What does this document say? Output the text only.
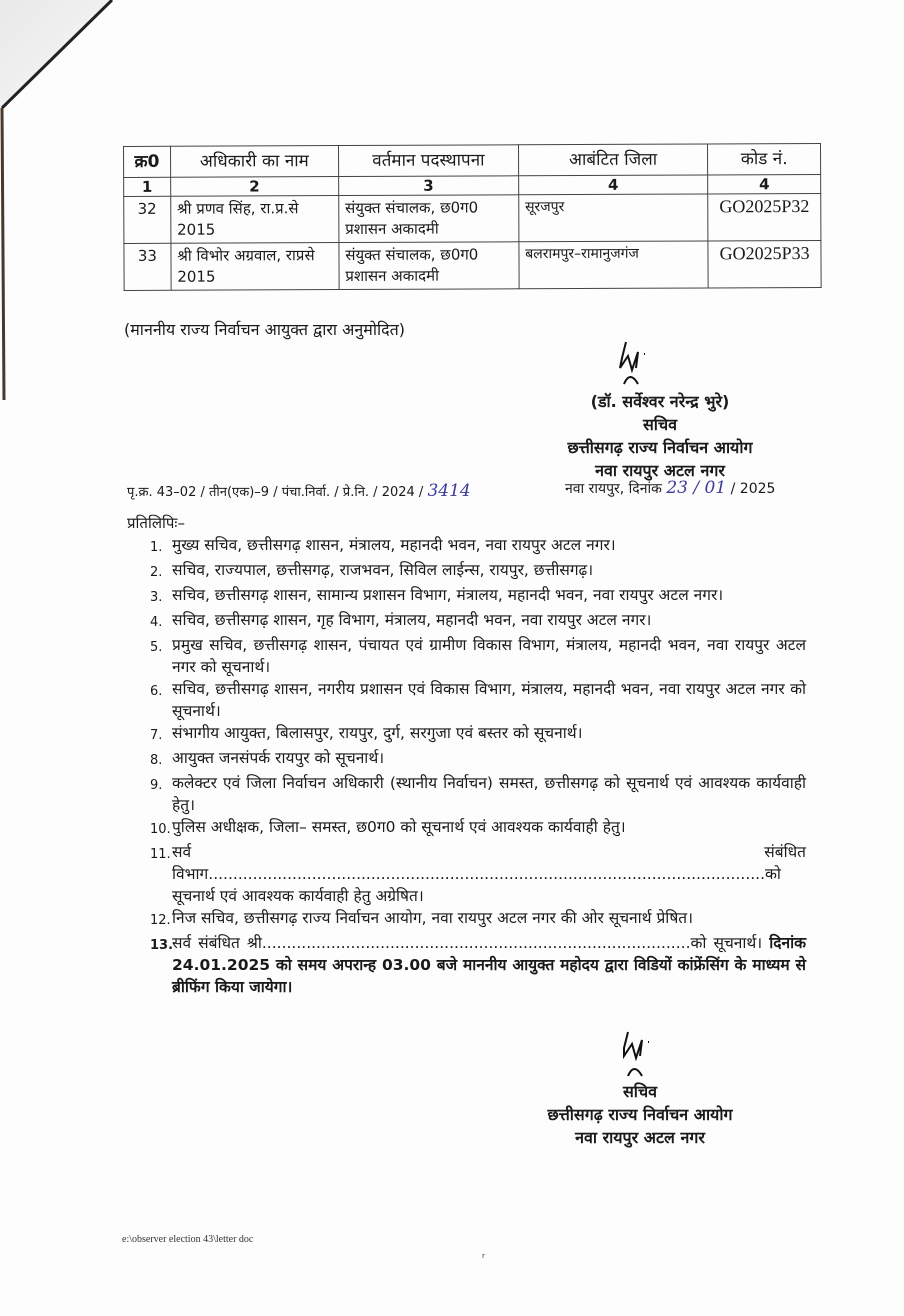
क्र0	अधिकारी का नाम	वर्तमान पदस्थापना	आबंटित जिला	कोड नं.
1	2	3	4	4
32	श्री प्रणव सिंह, रा.प्र.से 2015	संयुक्त संचालक, छ0ग0 प्रशासन अकादमी	सूरजपुर	GO2025P32
33	श्री विभोर अग्रवाल, राप्रसे 2015	संयुक्त संचालक, छ0ग0 प्रशासन अकादमी	बलरामपुर–रामानुजगंज	GO2025P33
(माननीय राज्य निर्वाचन आयुक्त द्वारा अनुमोदित)
(डॉ. सर्वेश्वर नरेन्द्र भुरे)
सचिव
छत्तीसगढ़ राज्य निर्वाचन आयोग
नवा रायपुर अटल नगर
पृ.क्र. 43–02 / तीन(एक)–9 / पंचा.निर्वा. / प्रे.नि. / 2024 / 3414	नवा रायपुर, दिनांक 23 / 01 / 2025
प्रतिलिपिः–
1. मुख्य सचिव, छत्तीसगढ़ शासन, मंत्रालय, महानदी भवन, नवा रायपुर अटल नगर।
2. सचिव, राज्यपाल, छत्तीसगढ़, राजभवन, सिविल लाईन्स, रायपुर, छत्तीसगढ़।
3. सचिव, छत्तीसगढ़ शासन, सामान्य प्रशासन विभाग, मंत्रालय, महानदी भवन, नवा रायपुर अटल नगर।
4. सचिव, छत्तीसगढ़ शासन, गृह विभाग, मंत्रालय, महानदी भवन, नवा रायपुर अटल नगर।
5. प्रमुख सचिव, छत्तीसगढ़ शासन, पंचायत एवं ग्रामीण विकास विभाग, मंत्रालय, महानदी भवन, नवा रायपुर अटल नगर को सूचनार्थ।
6. सचिव, छत्तीसगढ़ शासन, नगरीय प्रशासन एवं विकास विभाग, मंत्रालय, महानदी भवन, नवा रायपुर अटल नगर को सूचनार्थ।
7. संभागीय आयुक्त, बिलासपुर, रायपुर, दुर्ग, सरगुजा एवं बस्तर को सूचनार्थ।
8. आयुक्त जनसंपर्क रायपुर को सूचनार्थ।
9. कलेक्टर एवं जिला निर्वाचन अधिकारी (स्थानीय निर्वाचन) समस्त, छत्तीसगढ़ को सूचनार्थ एवं आवश्यक कार्यवाही हेतु।
10. पुलिस अधीक्षक, जिला– समस्त, छ0ग0 को सूचनार्थ एवं आवश्यक कार्यवाही हेतु।
11. सर्व संबंधित विभाग.................................................................................................................को सूचनार्थ एवं आवश्यक कार्यवाही हेतु अग्रेषित।
12. निज सचिव, छत्तीसगढ़ राज्य निर्वाचन आयोग, नवा रायपुर अटल नगर की ओर सूचनार्थ प्रेषित।
13.
सर्व संबंधित श्री.......................................................................................को सूचनार्थ। दिनांक 24.01.2025 को समय अपरान्ह 03.00 बजे माननीय आयुक्त महोदय द्वारा विडियों कांफ्रेंसिंग के माध्यम से ब्रीफिंग किया जायेगा।
सचिव
छत्तीसगढ़ राज्य निर्वाचन आयोग
नवा रायपुर अटल नगर
e:\observer election 43\letter doc
r
